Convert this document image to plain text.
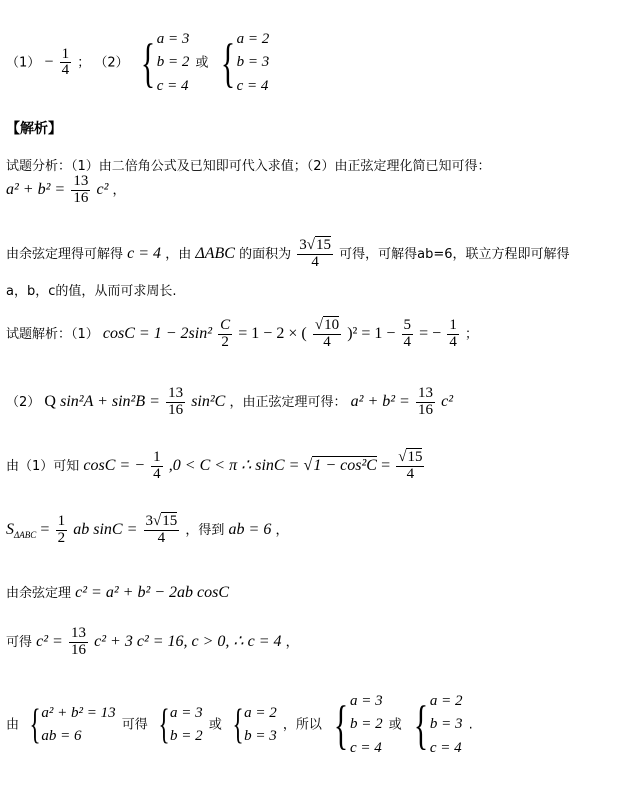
$(1) - \frac{1}{4}$ ； （2） { a = 3
b = 2
c = 4
或 { a = 2
b = 3
c = 4
【解析】
试题分析：（1）由二倍角公式及已知即可代入求值；（2）由正弦定理化简已知可得：
$a^2 + b^2 = \frac{13}{16} c^2$ ，
由余弦定理得可解得 c = 4 ，由 ΔABC 的面积为 $\frac{3√15}{4}$ 可得，可解得ab=6，联立方程即可解得
a，b，c的值，从而可求周长.
试题解析：（1） $\cos C = 1 - 2\sin^2 \frac{C}{2} = 1 - 2$ × ( $\frac{√10}{4} )^2 = 1 - \frac{5}{4}$ = − $\frac{1}{4}$ ；
（2） Q $\sin^2A + \sin^2B = \frac{13}{16} \sin^2C$ ，由正弦定理可得： $a^2 + b^2 = \frac{13}{16} c^2$
由（1）可知 cosC = − $\frac{1}{4} ,0 < C < \pi$ ∴ $\sin C = √1 - \cos^2C = \frac{√15}{4}$
$S_{\Delta ABC} = \frac{1}{2}$ ab $\sin C = \frac{3√15}{4}$ ，得到 ab = 6 ，
由余弦定理 c² = a² + b² − 2ab cosC
可得 $c^2 = \frac{13}{16} c^2 + 3$ c² = 16, c > 0, ∴ c = 4 ，
由 { a² + b² = 13
ab = 6
可得 { a = 3
b = 2
或 { a = 2
b = 3
，所以 { a = 3
b = 2
c = 4
或 { a = 2
b = 3
c = 4
.
